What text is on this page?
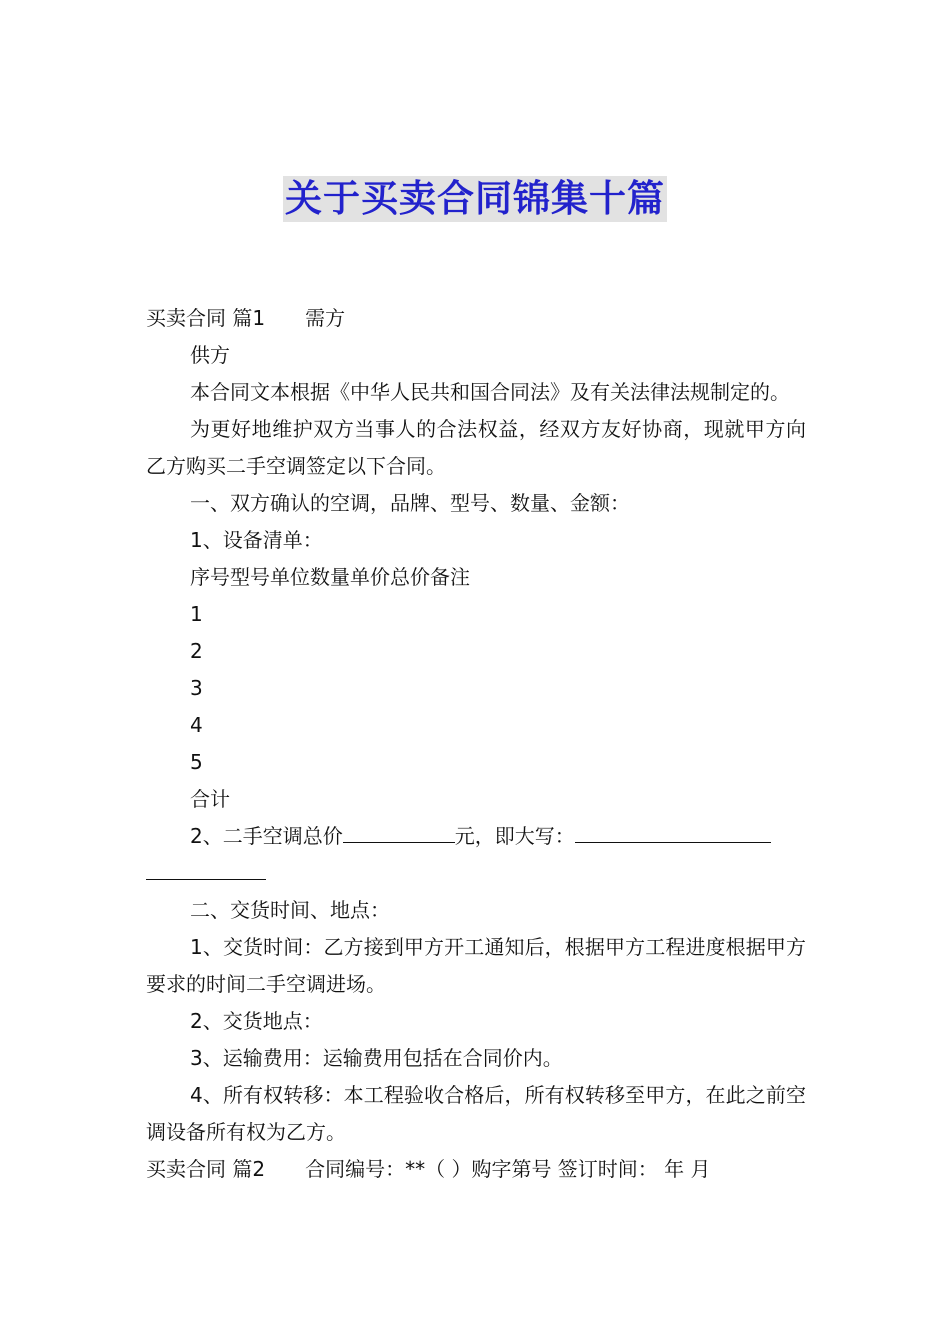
关于买卖合同锦集十篇
买卖合同 篇1 需方
供方
本合同文本根据《中华人民共和国合同法》及有关法律法规制定的。
为更好地维护双方当事人的合法权益，经双方友好协商，现就甲方向乙方购买二手空调签定以下合同。
一、双方确认的空调，品牌、型号、数量、金额：
1、设备清单：
序号型号单位数量单价总价备注
1
2
3
4
5
合计
2、二手空调总价	元，即大写：
二、交货时间、地点：
1、交货时间：乙方接到甲方开工通知后，根据甲方工程进度根据甲方要求的时间二手空调进场。
2、交货地点：
3、运输费用：运输费用包括在合同价内。
4、所有权转移：本工程验收合格后，所有权转移至甲方，在此之前空调设备所有权为乙方。
买卖合同 篇2 合同编号：**（ ）购字第号 签订时间： 年 月
